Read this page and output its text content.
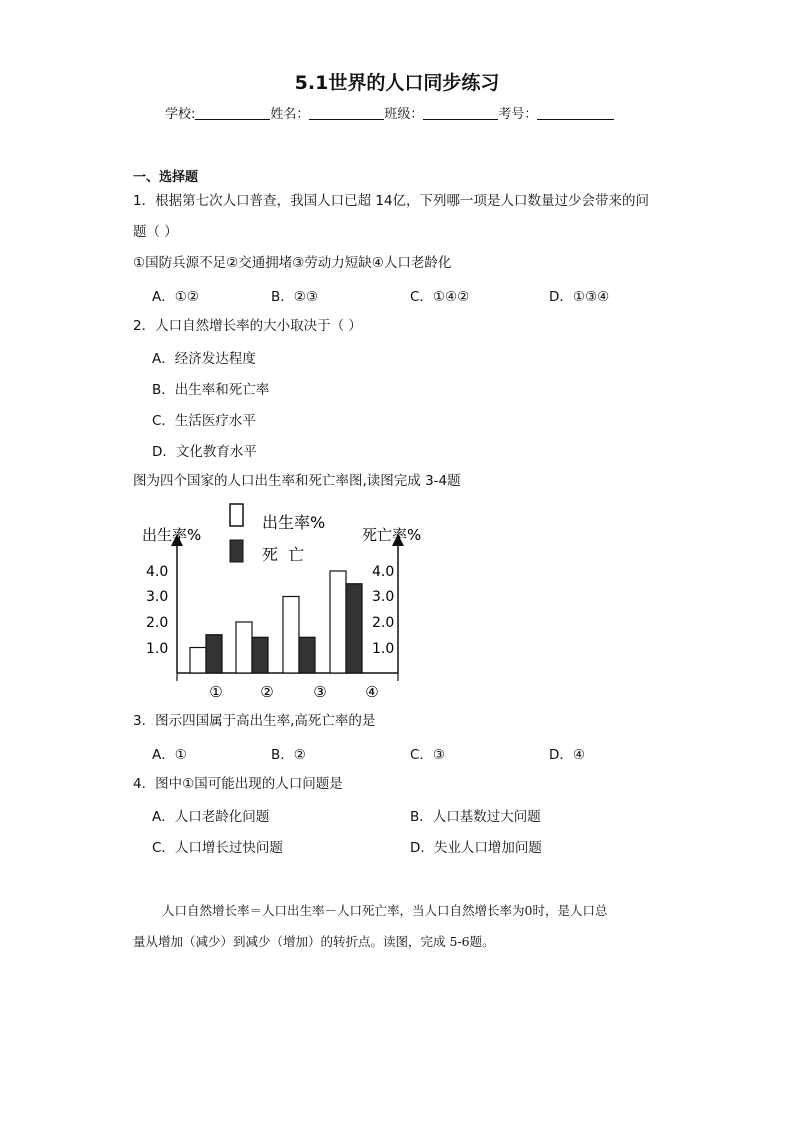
5.1世界的人口同步练习
学校:	姓名：	班级：	考号：
一、选择题
1．根据第七次人口普查，我国人口已超 14亿，下列哪一项是人口数量过少会带来的问
题（ ）
①国防兵源不足②交通拥堵③劳动力短缺④人口老龄化
A．①②	B．②③	C．①④②	D．①③④
2．人口自然增长率的大小取决于（ ）
A．经济发达程度
B．出生率和死亡率
C．生活医疗水平
D．文化教育水平
图为四个国家的人口出生率和死亡率图,读图完成 3-4题
出生率%	死亡率%
出生率%
死  亡
1.0
2.0
3.0
4.0
1.0
2.0
3.0
4.0
①	②	③	④
3．图示四国属于高出生率,高死亡率的是
A．①	B．②	C．③	D．④
4．图中①国可能出现的人口问题是
A．人口老龄化问题	B．人口基数过大问题
C．人口增长过快问题	D．失业人口增加问题
人口自然增长率＝人口出生率－人口死亡率，当人口自然增长率为0时，是人口总
量从增加（减少）到减少（增加）的转折点。读图，完成 5-6题。
